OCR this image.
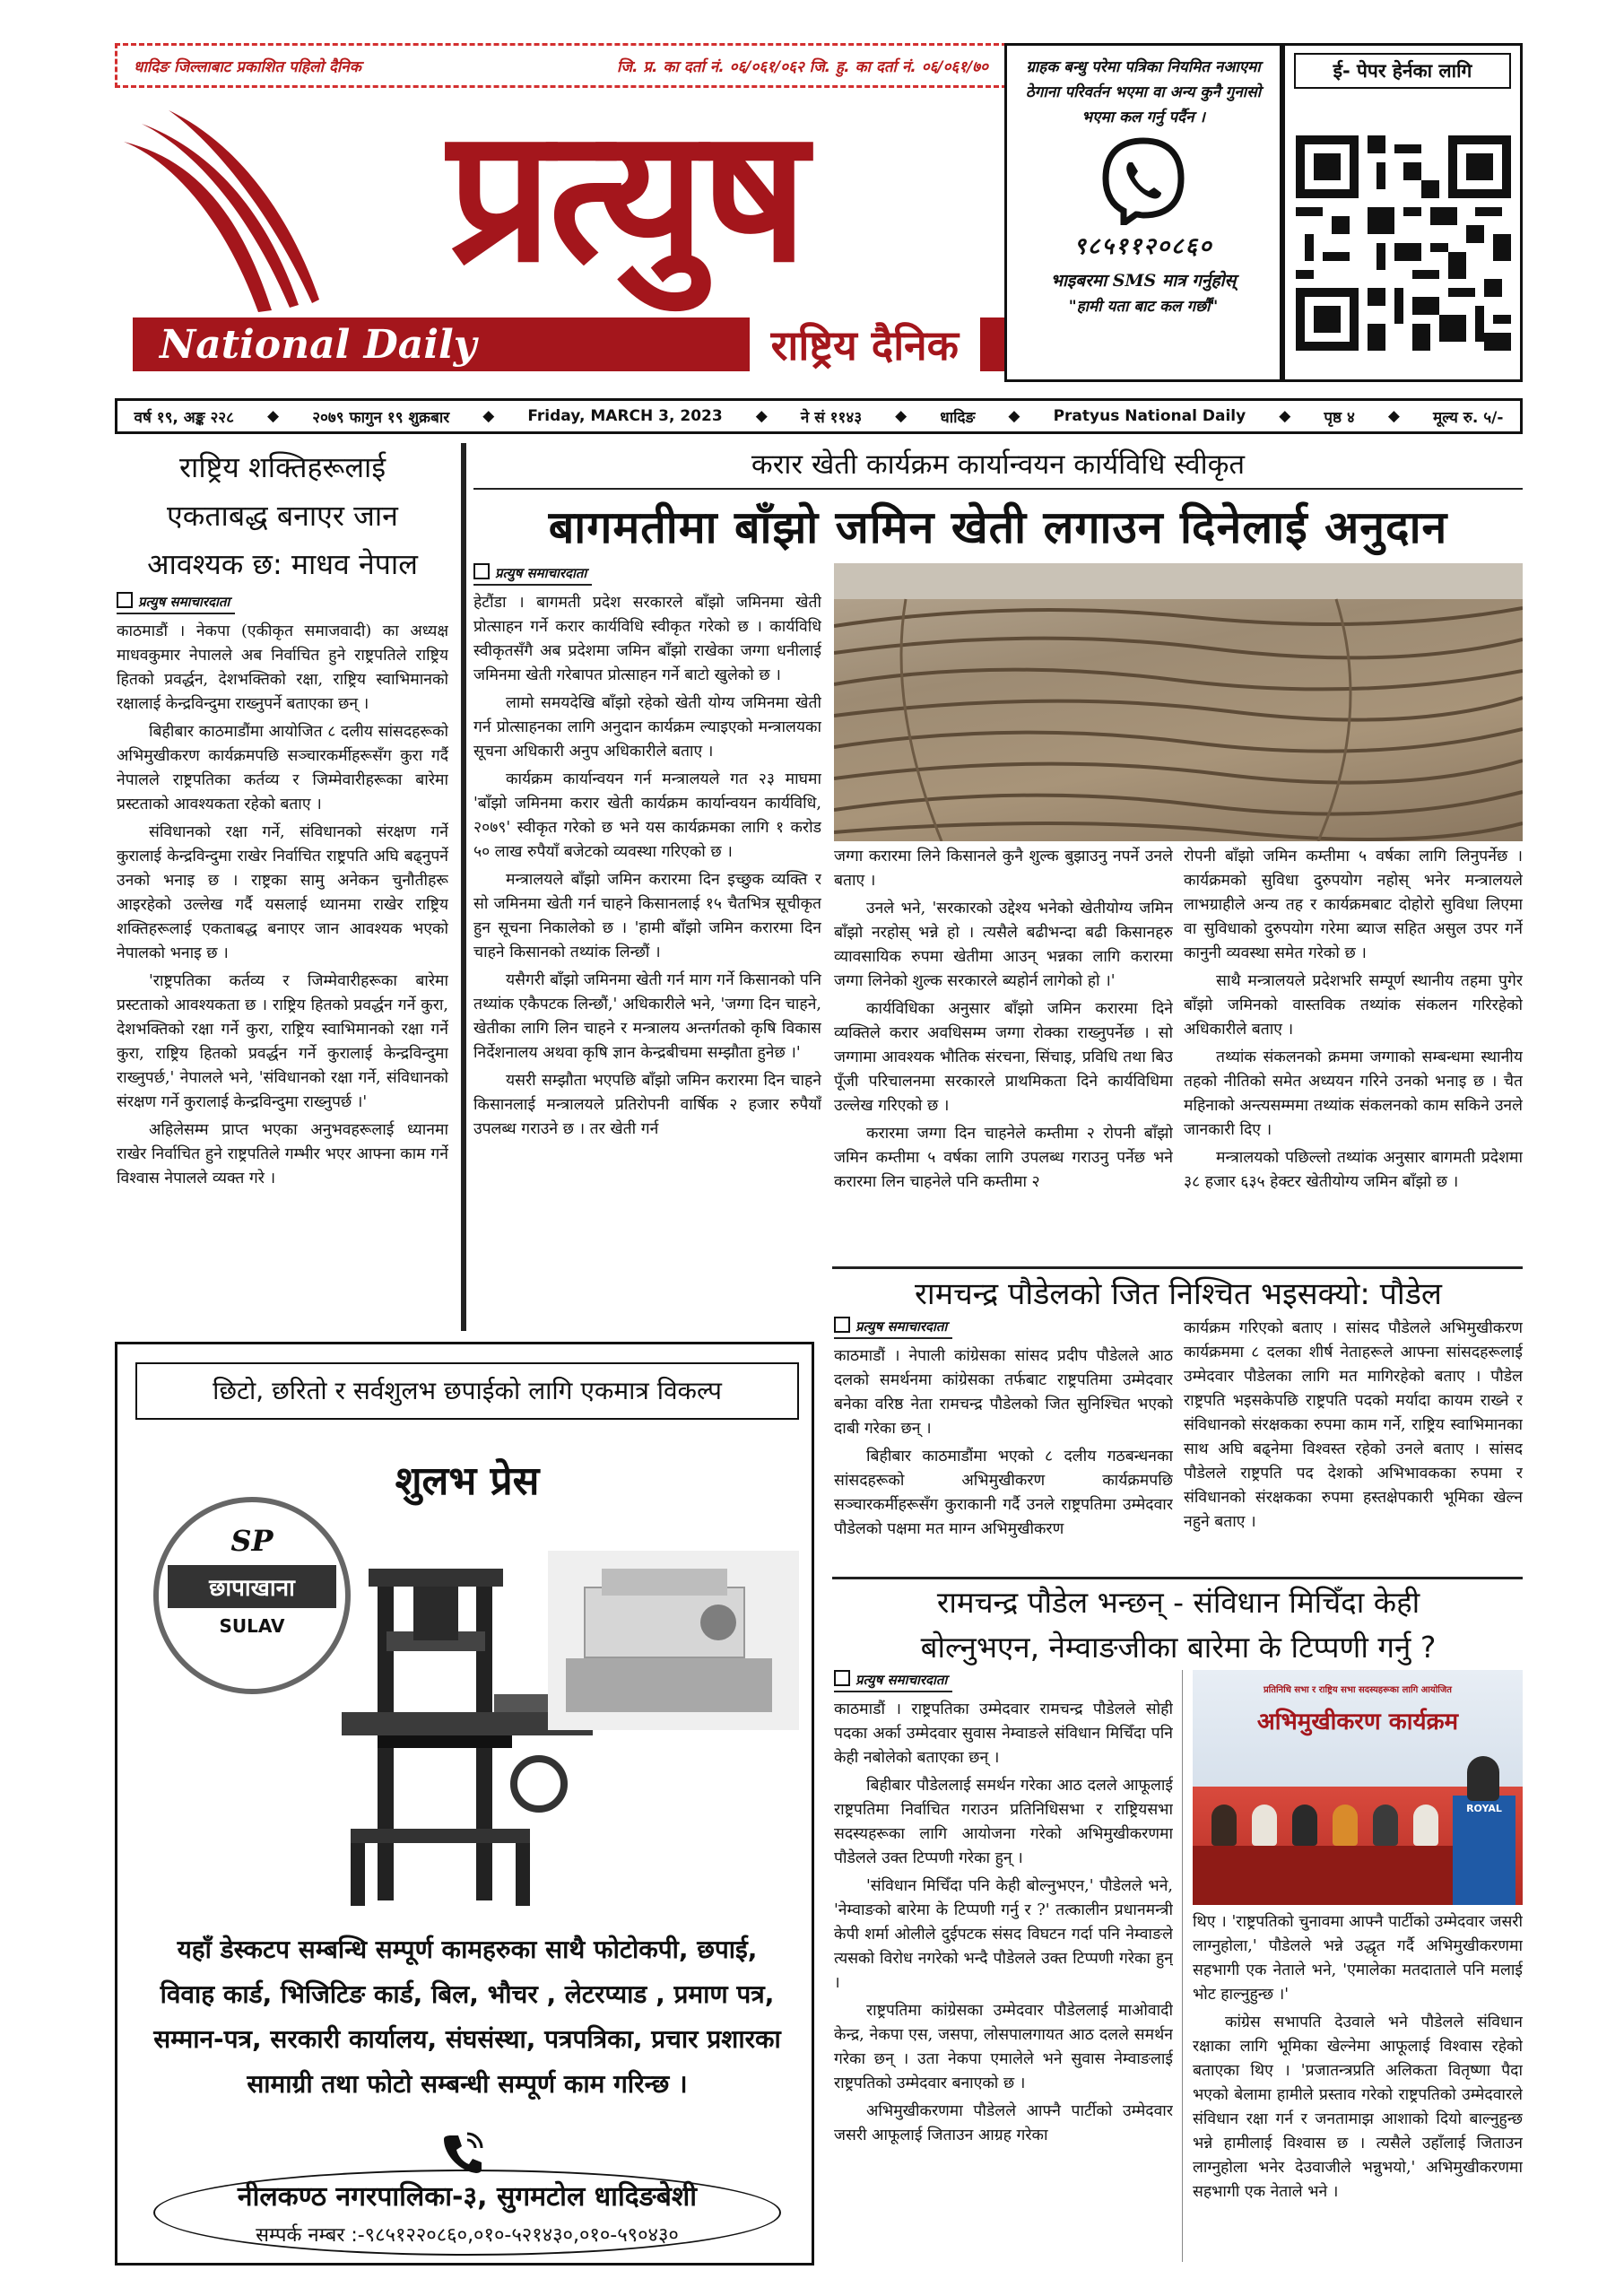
धादिङ जिल्लाबाट प्रकाशित पहिलो दैनिक	जि. प्र. का दर्ता नं. ०६/०६१/०६२ जि. हु. का दर्ता नं. ०६/०६१/७०
प्रत्युष
National Daily	राष्ट्रिय दैनिक
ग्राहक बन्धु परेमा पत्रिका नियमित नआएमा ठेगाना परिवर्तन भएमा वा अन्य कुनै गुनासो भएमा कल गर्नु पर्दैन ।
९८५११२०८६०
भाइबरमा SMS मात्र गर्नुहोस्
"हामी यता बाट कल गर्छौं"
ई- पेपर हेर्नका लागि
वर्ष १९, अङ्क २२८ ◆ २०७९ फागुन १९ शुक्रबार ◆ Friday, MARCH 3, 2023 ◆ ने सं ११४३ ◆ धादिङ ◆ Pratyus National Daily ◆ पृष्ठ ४ ◆ मूल्य रु. ५/-
राष्ट्रिय शक्तिहरूलाई
एकताबद्ध बनाएर जान
आवश्यक छ: माधव नेपाल
प्रत्युष समाचारदाता

काठमाडौं । नेकपा (एकीकृत समाजवादी) का अध्यक्ष माधवकुमार नेपालले अब निर्वाचित हुने राष्ट्रपतिले राष्ट्रिय हितको प्रवर्द्धन, देशभक्तिको रक्षा, राष्ट्रिय स्वाभिमानको रक्षालाई केन्द्रविन्दुमा राख्नुपर्ने बताएका छन् ।

बिहीबार काठमाडौंमा आयोजित ८ दलीय सांसदहरूको अभिमुखीकरण कार्यक्रमपछि सञ्चारकर्मीहरूसँग कुरा गर्दै नेपालले राष्ट्रपतिका कर्तव्य र जिम्मेवारीहरूका बारेमा प्रस्टताको आवश्यकता रहेको बताए ।

संविधानको रक्षा गर्ने, संविधानको संरक्षण गर्ने कुरालाई केन्द्रविन्दुमा राखेर निर्वाचित राष्ट्रपति अघि बढ्नुपर्ने उनको भनाइ छ । राष्ट्रका सामु अनेकन चुनौतीहरू आइरहेको उल्लेख गर्दै यसलाई ध्यानमा राखेर राष्ट्रिय शक्तिहरूलाई एकताबद्ध बनाएर जान आवश्यक भएको नेपालको भनाइ छ ।

'राष्ट्रपतिका कर्तव्य र जिम्मेवारीहरूका बारेमा प्रस्टताको आवश्यकता छ । राष्ट्रिय हितको प्रवर्द्धन गर्ने कुरा, देशभक्तिको रक्षा गर्ने कुरा, राष्ट्रिय स्वाभिमानको रक्षा गर्ने कुरा, राष्ट्रिय हितको प्रवर्द्धन गर्ने कुरालाई केन्द्रविन्दुमा राख्नुपर्छ,' नेपालले भने, 'संविधानको रक्षा गर्ने, संविधानको संरक्षण गर्ने कुरालाई केन्द्रविन्दुमा राख्नुपर्छ ।'

अहिलेसम्म प्राप्त भएका अनुभवहरूलाई ध्यानमा राखेर निर्वाचित हुने राष्ट्रपतिले गम्भीर भएर आफ्ना काम गर्ने विश्वास नेपालले व्यक्त गरे ।

करार खेती कार्यक्रम कार्यान्वयन कार्यविधि स्वीकृत
बागमतीमा बाँझो जमिन खेती लगाउन दिनेलाई अनुदान
प्रत्युष समाचारदाता

हेटौंडा । बागमती प्रदेश सरकारले बाँझो जमिनमा खेती प्रोत्साहन गर्ने करार कार्यविधि स्वीकृत गरेको छ । कार्यविधि स्वीकृतसँगै अब प्रदेशमा जमिन बाँझो राखेका जग्गा धनीलाई जमिनमा खेती गरेबापत प्रोत्साहन गर्ने बाटो खुलेको छ ।

लामो समयदेखि बाँझो रहेको खेती योग्य जमिनमा खेती गर्न प्रोत्साहनका लागि अनुदान कार्यक्रम ल्याइएको मन्त्रालयका सूचना अधिकारी अनुप अधिकारीले बताए ।

कार्यक्रम कार्यान्वयन गर्न मन्त्रालयले गत २३ माघमा 'बाँझो जमिनमा करार खेती कार्यक्रम कार्यान्वयन कार्यविधि, २०७९' स्वीकृत गरेको छ भने यस कार्यक्रमका लागि १ करोड ५० लाख रुपैयाँ बजेटको व्यवस्था गरिएको छ ।

मन्त्रालयले बाँझो जमिन करारमा दिन इच्छुक व्यक्ति र सो जमिनमा खेती गर्न चाहने किसानलाई १५ चैतभित्र सूचीकृत हुन सूचना निकालेको छ । 'हामी बाँझो जमिन करारमा दिन चाहने किसानको तथ्यांक लिन्छौं ।

यसैगरी बाँझो जमिनमा खेती गर्न माग गर्ने किसानको पनि तथ्यांक एकैपटक लिन्छौं,' अधिकारीले भने, 'जग्गा दिन चाहने, खेतीका लागि लिन चाहने र मन्त्रालय अन्तर्गतको कृषि विकास निर्देशनालय अथवा कृषि ज्ञान केन्द्रबीचमा सम्झौता हुनेछ ।'

यसरी सम्झौता भएपछि बाँझो जमिन करारमा दिन चाहने किसानलाई मन्त्रालयले प्रतिरोपनी वार्षिक २ हजार रुपैयाँ उपलब्ध गराउने छ । तर खेती गर्न

जग्गा करारमा लिने किसानले कुनै शुल्क बुझाउनु नपर्ने उनले बताए ।

उनले भने, 'सरकारको उद्देश्य भनेको खेतीयोग्य जमिन बाँझो नरहोस् भन्ने हो । त्यसैले बढीभन्दा बढी किसानहरु व्यावसायिक रुपमा खेतीमा आउन् भन्नका लागि करारमा जग्गा लिनेको शुल्क सरकारले ब्यहोर्न लागेको हो ।'

कार्यविधिका अनुसार बाँझो जमिन करारमा दिने व्यक्तिले करार अवधिसम्म जग्गा रोक्का राख्नुपर्नेछ । सो जग्गामा आवश्यक भौतिक संरचना, सिंचाइ, प्रविधि तथा बिउ पूँजी परिचालनमा सरकारले प्राथमिकता दिने कार्यविधिमा उल्लेख गरिएको छ ।

करारमा जग्गा दिन चाहनेले कम्तीमा २ रोपनी बाँझो जमिन कम्तीमा ५ वर्षका लागि उपलब्ध गराउनु पर्नेछ भने करारमा लिन चाहनेले पनि कम्तीमा २

रोपनी बाँझो जमिन कम्तीमा ५ वर्षका लागि लिनुपर्नेछ । कार्यक्रमको सुविधा दुरुपयोग नहोस् भनेर मन्त्रालयले लाभग्राहीले अन्य तह र कार्यक्रमबाट दोहोरो सुविधा लिएमा वा सुविधाको दुरुपयोग गरेमा ब्याज सहित असुल उपर गर्ने कानुनी व्यवस्था समेत गरेको छ ।

साथै मन्त्रालयले प्रदेशभरि सम्पूर्ण स्थानीय तहमा पुगेर बाँझो जमिनको वास्तविक तथ्यांक संकलन गरिरहेको अधिकारीले बताए ।

तथ्यांक संकलनको क्रममा जग्गाको सम्बन्धमा स्थानीय तहको नीतिको समेत अध्ययन गरिने उनको भनाइ छ । चैत महिनाको अन्त्यसम्ममा तथ्यांक संकलनको काम सकिने उनले जानकारी दिए ।

मन्त्रालयको पछिल्लो तथ्यांक अनुसार बागमती प्रदेशमा ३८ हजार ६३५ हेक्टर खेतीयोग्य जमिन बाँझो छ ।

रामचन्द्र पौडेलको जित निश्चित भइसक्यो: पौडेल
प्रत्युष समाचारदाता

काठमाडौं । नेपाली कांग्रेसका सांसद प्रदीप पौडेलले आठ दलको समर्थनमा कांग्रेसका तर्फबाट राष्ट्रपतिमा उम्मेदवार बनेका वरिष्ठ नेता रामचन्द्र पौडेलको जित सुनिश्चित भएको दाबी गरेका छन् ।

बिहीबार काठमाडौंमा भएको ८ दलीय गठबन्धनका सांसदहरूको अभिमुखीकरण कार्यक्रमपछि सञ्चारकर्मीहरूसँग कुराकानी गर्दै उनले राष्ट्रपतिमा उम्मेदवार पौडेलको पक्षमा मत माग्न अभिमुखीकरण

कार्यक्रम गरिएको बताए । सांसद पौडेलले अभिमुखीकरण कार्यक्रममा ८ दलका शीर्ष नेताहरूले आफ्ना सांसदहरूलाई उम्मेदवार पौडेलका लागि मत मागिरहेको बताए । पौडेल राष्ट्रपति भइसकेपछि राष्ट्रपति पदको मर्यादा कायम राख्ने र संविधानको संरक्षकका रुपमा काम गर्ने, राष्ट्रिय स्वाभिमानका साथ अघि बढ्नेमा विश्वस्त रहेको उनले बताए । सांसद पौडेलले राष्ट्रपति पद देशको अभिभावकका रुपमा र संविधानको संरक्षकका रुपमा हस्तक्षेपकारी भूमिका खेल्न नहुने बताए ।

रामचन्द्र पौडेल भन्छन् - संविधान मिचिँदा केही
बोल्नुभएन, नेम्वाङजीका बारेमा के टिप्पणी गर्नु ?
प्रत्युष समाचारदाता

काठमाडौं । राष्ट्रपतिका उम्मेदवार रामचन्द्र पौडेलले सोही पदका अर्का उम्मेदवार सुवास नेम्वाङले संविधान मिचिँदा पनि केही नबोलेको बताएका छन् ।

बिहीबार पौडेललाई समर्थन गरेका आठ दलले आफूलाई राष्ट्रपतिमा निर्वाचित गराउन प्रतिनिधिसभा र राष्ट्रियसभा सदस्यहरूका लागि आयोजना गरेको अभिमुखीकरणमा पौडेलले उक्त टिप्पणी गरेका हुन् ।

'संविधान मिचिँदा पनि केही बोल्नुभएन,' पौडेलले भने, 'नेम्वाङको बारेमा के टिप्पणी गर्नु र ?' तत्कालीन प्रधानमन्त्री केपी शर्मा ओलीले दुईपटक संसद विघटन गर्दा पनि नेम्वाङले त्यसको विरोध नगरेको भन्दै पौडेलले उक्त टिप्पणी गरेका हुन् ।

राष्ट्रपतिमा कांग्रेसका उम्मेदवार पौडेललाई माओवादी केन्द्र, नेकपा एस, जसपा, लोसपालगायत आठ दलले समर्थन गरेका छन् । उता नेकपा एमालेले भने सुवास नेम्वाङलाई राष्ट्रपतिको उम्मेदवार बनाएको छ ।

अभिमुखीकरणमा पौडेलले आफ्नै पार्टीको उम्मेदवार जसरी आफूलाई जिताउन आग्रह गरेका

प्रतिनिधि सभा र राष्ट्रिय सभा सदस्यहरूका लागि आयोजित
अभिमुखीकरण कार्यक्रम
ROYAL

थिए । 'राष्ट्रपतिको चुनावमा आफ्नै पार्टीको उम्मेदवार जसरी लाग्नुहोला,' पौडेलले भन्ने उद्धृत गर्दै अभिमुखीकरणमा सहभागी एक नेताले भने, 'एमालेका मतदाताले पनि मलाई भोट हाल्नुहुन्छ ।'

कांग्रेस सभापति देउवाले भने पौडेलले संविधान रक्षाका लागि भूमिका खेल्नेमा आफूलाई विश्वास रहेको बताएका थिए । 'प्रजातन्त्रप्रति अलिकता वितृष्णा पैदा भएको बेलामा हामीले प्रस्ताव गरेको राष्ट्रपतिको उम्मेदवारले संविधान रक्षा गर्न र जनतामाझ आशाको दियो बाल्नुहुन्छ भन्ने हामीलाई विश्वास छ । त्यसैले उहाँलाई जिताउन लाग्नुहोला भनेर देउवाजीले भन्नुभयो,' अभिमुखीकरणमा सहभागी एक नेताले भने ।

छिटो, छरितो र सर्वशुलभ छपाईको लागि एकमात्र विकल्प
शुलभ प्रेस
SP
छापाखाना
SULAV
यहाँ डेस्कटप सम्बन्धि सम्पूर्ण कामहरुका साथै फोटोकपी, छपाई, विवाह कार्ड, भिजिटिङ कार्ड, बिल, भौचर , लेटरप्याड , प्रमाण पत्र, सम्मान-पत्र, सरकारी कार्यालय, संघसंस्था, पत्रपत्रिका, प्रचार प्रशारका सामाग्री तथा फोटो सम्बन्धी सम्पूर्ण काम गरिन्छ ।
नीलकण्ठ नगरपालिका-३, सुगमटोल धादिङबेशी
सम्पर्क नम्बर :-९८५१२२०८६०,०१०-५२१४३०,०१०-५९०४३०
